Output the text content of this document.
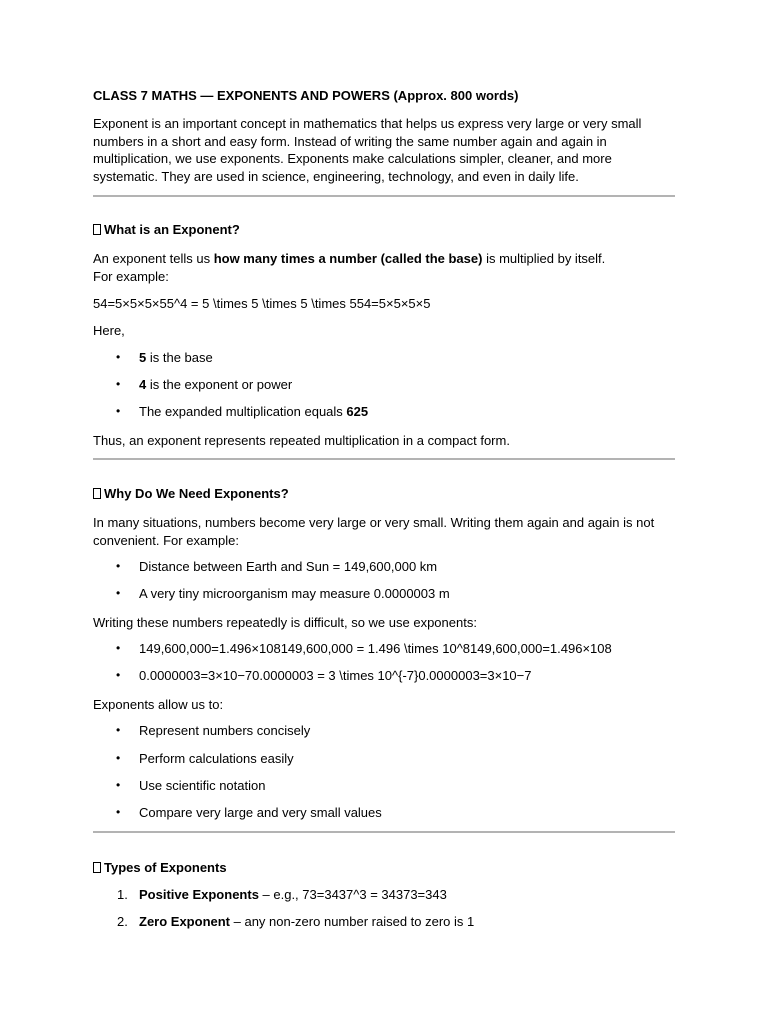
CLASS 7 MATHS — EXPONENTS AND POWERS (Approx. 800 words)
Exponent is an important concept in mathematics that helps us express very large or very small numbers in a short and easy form. Instead of writing the same number again and again in multiplication, we use exponents. Exponents make calculations simpler, cleaner, and more systematic. They are used in science, engineering, technology, and even in daily life.
What is an Exponent?
An exponent tells us how many times a number (called the base) is multiplied by itself.
For example:
54=5×5×5×55^4 = 5 \times 5 \times 5 \times 554=5×5×5×5
Here,
• 5 is the base
• 4 is the exponent or power
• The expanded multiplication equals 625
Thus, an exponent represents repeated multiplication in a compact form.
Why Do We Need Exponents?
In many situations, numbers become very large or very small. Writing them again and again is not convenient. For example:
• Distance between Earth and Sun = 149,600,000 km
• A very tiny microorganism may measure 0.0000003 m
Writing these numbers repeatedly is difficult, so we use exponents:
• 149,600,000=1.496×108149,600,000 = 1.496 \times 10^8149,600,000=1.496×108
• 0.0000003=3×10−70.0000003 = 3 \times 10^{-7}0.0000003=3×10−7
Exponents allow us to:
• Represent numbers concisely
• Perform calculations easily
• Use scientific notation
• Compare very large and very small values
Types of Exponents
1. Positive Exponents – e.g., 73=3437^3 = 34373=343
2. Zero Exponent – any non-zero number raised to zero is 1
